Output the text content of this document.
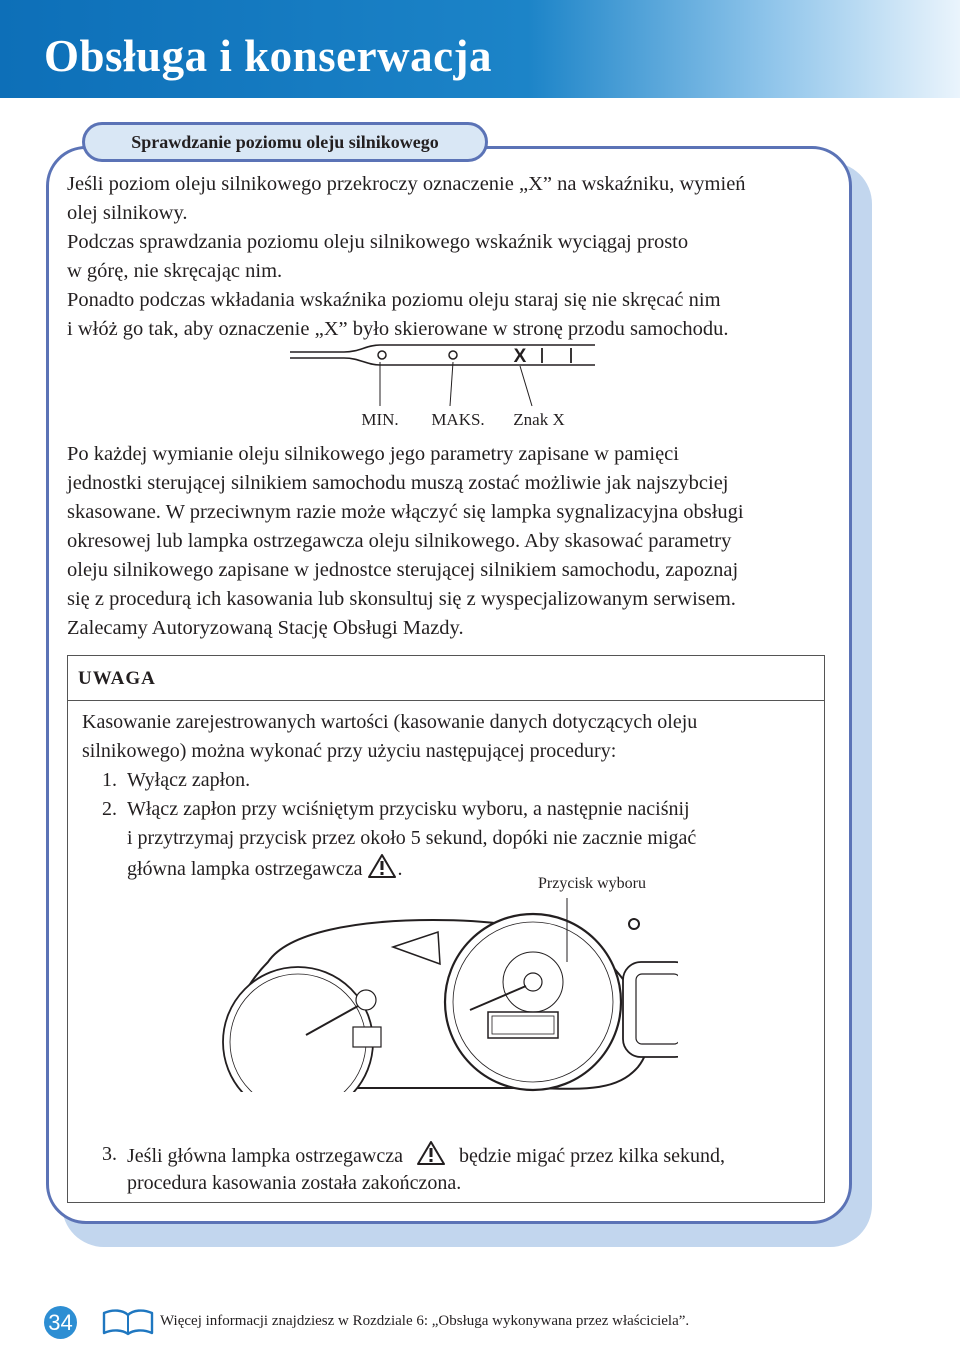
Obsługa i konserwacja
Sprawdzanie poziomu oleju silnikowego

Jeśli poziom oleju silnikowego przekroczy oznaczenie „X” na wskaźniku, wymień

olej silnikowy.

Podczas sprawdzania poziomu oleju silnikowego wskaźnik wyciągaj prosto

w górę, nie skręcając nim.

Ponadto podczas wkładania wskaźnika poziomu oleju staraj się nie skręcać nim

i włóż go tak, aby oznaczenie „X” było skierowane w stronę przodu samochodu.

X
MIN. MAKS. Znak X
Po każdej wymianie oleju silnikowego jego parametry zapisane w pamięci
jednostki sterującej silnikiem samochodu muszą zostać możliwie jak najszybciej
skasowane. W przeciwnym razie może włączyć się lampka sygnalizacyjna obsługi
okresowej lub lampka ostrzegawcza oleju silnikowego. Aby skasować parametry
oleju silnikowego zapisane w jednostce sterującej silnikiem samochodu, zapoznaj
się z procedurą ich kasowania lub skonsultuj się z wyspecjalizowanym serwisem.
Zalecamy Autoryzowaną Stację Obsługi Mazdy.
UWAGA
Kasowanie zarejestrowanych wartości (kasowanie danych dotyczących oleju
silnikowego) można wykonać przy użyciu następującej procedury:
1. Wyłącz zapłon.
2. Włącz zapłon przy wciśniętym przycisku wyboru, a następnie naciśnij
i przytrzymaj przycisk przez około 5 sekund, dopóki nie zacznie migać
główna lampka ostrzegawcza .
Przycisk wyboru
3. Jeśli główna lampka ostrzegawcza	będzie migać przez kilka sekund,
procedura kasowania została zakończona.
34	Więcej informacji znajdziesz w Rozdziale 6: „Obsługa wykonywana przez właściciela”.
